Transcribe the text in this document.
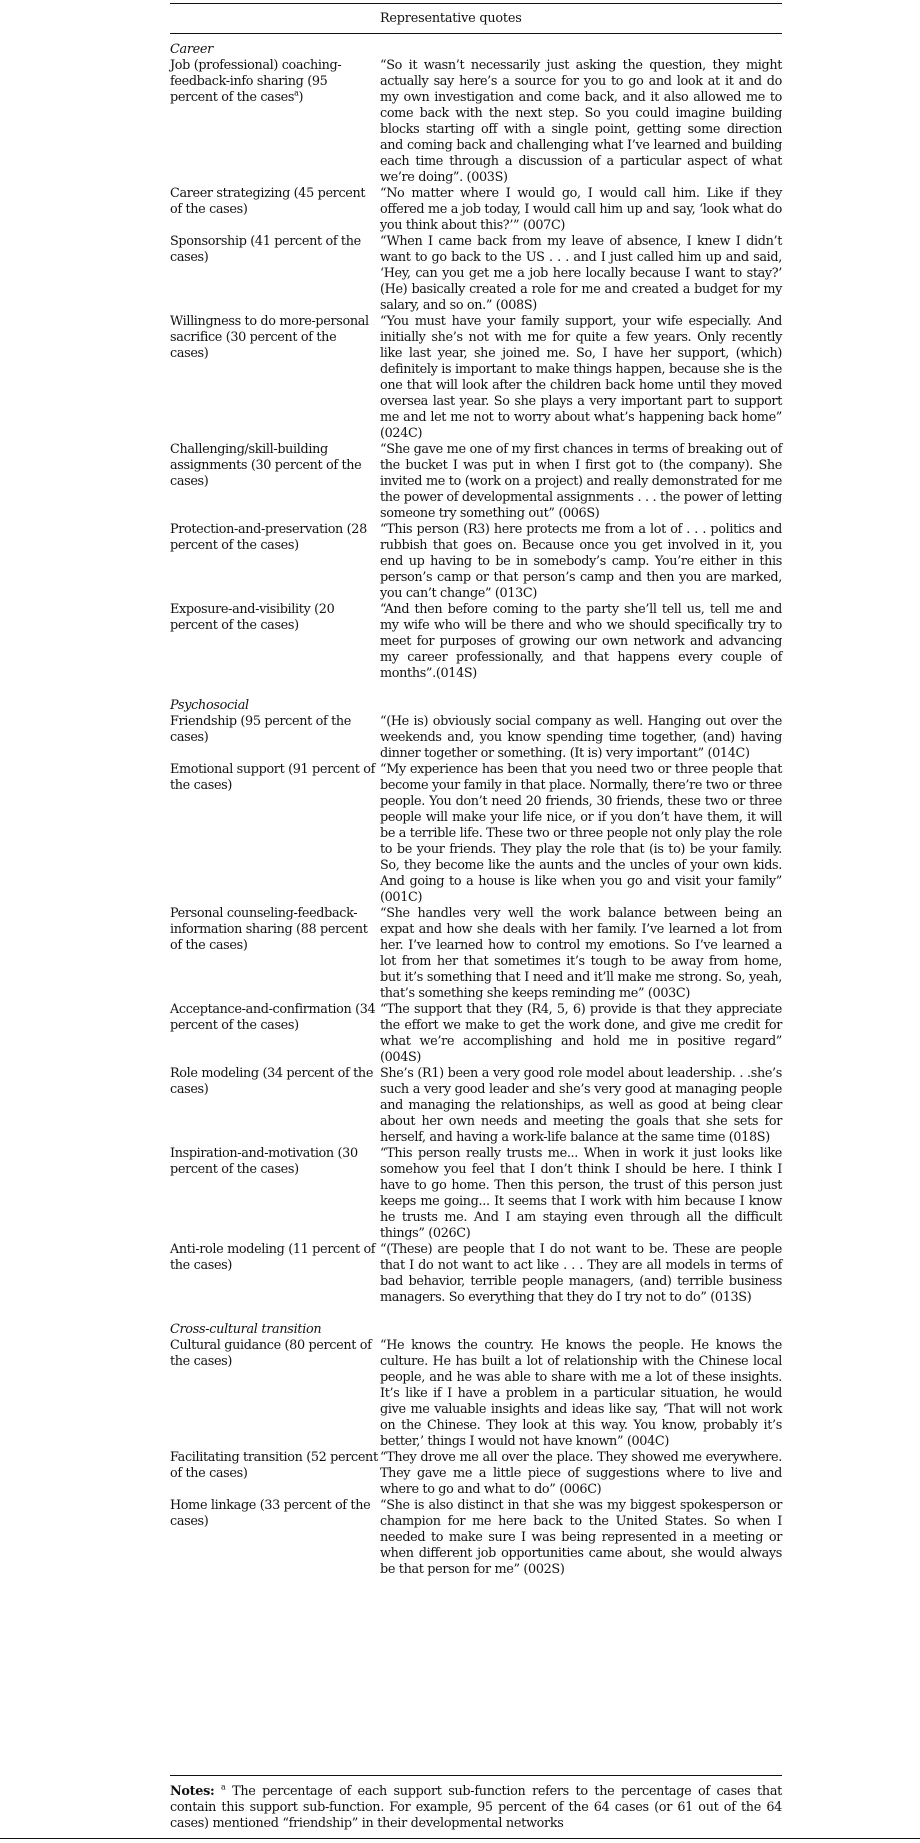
Representative quotes
Career
Job (professional) coaching-feedback-info sharing (95 percent of the cases$^a$)
“So it wasn’t necessarily just asking the question, they might actually say here’s a source for you to go and look at it and do my own investigation and come back, and it also allowed me to come back with the next step. So you could imagine building blocks starting off with a single point, getting some direction and coming back and challenging what I’ve learned and building each time through a discussion of a particular aspect of what we’re doing”. (003S)
Career strategizing (45 percent of the cases)
“No matter where I would go, I would call him. Like if they offered me a job today, I would call him up and say, ‘look what do you think about this?’” (007C)
Sponsorship (41 percent of the cases)
“When I came back from my leave of absence, I knew I didn’t want to go back to the US . . . and I just called him up and said, ‘Hey, can you get me a job here locally because I want to stay?’ (He) basically created a role for me and created a budget for my salary, and so on.” (008S)
Willingness to do more-personal sacrifice (30 percent of the cases)
“You must have your family support, your wife especially. And initially she’s not with me for quite a few years. Only recently like last year, she joined me. So, I have her support, (which) definitely is important to make things happen, because she is the one that will look after the children back home until they moved oversea last year. So she plays a very important part to support me and let me not to worry about what’s happening back home” (024C)
Challenging/skill-building assignments (30 percent of the cases)
“She gave me one of my first chances in terms of breaking out of the bucket I was put in when I first got to (the company). She invited me to (work on a project) and really demonstrated for me the power of developmental assignments . . . the power of letting someone try something out” (006S)
Protection-and-preservation (28 percent of the cases)
“This person (R3) here protects me from a lot of . . . politics and rubbish that goes on. Because once you get involved in it, you end up having to be in somebody’s camp. You’re either in this person’s camp or that person’s camp and then you are marked, you can’t change” (013C)
Exposure-and-visibility (20 percent of the cases)
“And then before coming to the party she’ll tell us, tell me and my wife who will be there and who we should specifically try to meet for purposes of growing our own network and advancing my career professionally, and that happens every couple of months”.(014S)
Psychosocial
Friendship (95 percent of the cases)
“(He is) obviously social company as well. Hanging out over the weekends and, you know spending time together, (and) having dinner together or something. (It is) very important” (014C)
Emotional support (91 percent of the cases)
“My experience has been that you need two or three people that become your family in that place. Normally, there’re two or three people. You don’t need 20 friends, 30 friends, these two or three people will make your life nice, or if you don’t have them, it will be a terrible life. These two or three people not only play the role to be your friends. They play the role that (is to) be your family. So, they become like the aunts and the uncles of your own kids. And going to a house is like when you go and visit your family” (001C)
Personal counseling-feedback-information sharing (88 percent of the cases)
“She handles very well the work balance between being an expat and how she deals with her family. I’ve learned a lot from her. I’ve learned how to control my emotions. So I’ve learned a lot from her that sometimes it’s tough to be away from home, but it’s something that I need and it’ll make me strong. So, yeah, that’s something she keeps reminding me” (003C)
Acceptance-and-confirmation (34 percent of the cases)
“The support that they (R4, 5, 6) provide is that they appreciate the effort we make to get the work done, and give me credit for what we’re accomplishing and hold me in positive regard” (004S)
Role modeling (34 percent of the cases)
She’s (R1) been a very good role model about leadership. . .she’s such a very good leader and she’s very good at managing people and managing the relationships, as well as good at being clear about her own needs and meeting the goals that she sets for herself, and having a work-life balance at the same time (018S)
Inspiration-and-motivation (30 percent of the cases)
“This person really trusts me... When in work it just looks like somehow you feel that I don’t think I should be here. I think I have to go home. Then this person, the trust of this person just keeps me going... It seems that I work with him because I know he trusts me. And I am staying even through all the difficult things” (026C)
Anti-role modeling (11 percent of the cases)
“(These) are people that I do not want to be. These are people that I do not want to act like . . . They are all models in terms of bad behavior, terrible people managers, (and) terrible business managers. So everything that they do I try not to do” (013S)
Cross-cultural transition
Cultural guidance (80 percent of the cases)
“He knows the country. He knows the people. He knows the culture. He has built a lot of relationship with the Chinese local people, and he was able to share with me a lot of these insights. It’s like if I have a problem in a particular situation, he would give me valuable insights and ideas like say, ‘That will not work on the Chinese. They look at this way. You know, probably it’s better,’ things I would not have known” (004C)
Facilitating transition (52 percent of the cases)
“They drove me all over the place. They showed me everywhere. They gave me a little piece of suggestions where to live and where to go and what to do” (006C)
Home linkage (33 percent of the cases)
“She is also distinct in that she was my biggest spokesperson or champion for me here back to the United States. So when I needed to make sure I was being represented in a meeting or when different job opportunities came about, she would always be that person for me” (002S)
Notes: $^a$ The percentage of each support sub-function refers to the percentage of cases that contain this support sub-function. For example, 95 percent of the 64 cases (or 61 out of the 64 cases) mentioned “friendship” in their developmental networks
